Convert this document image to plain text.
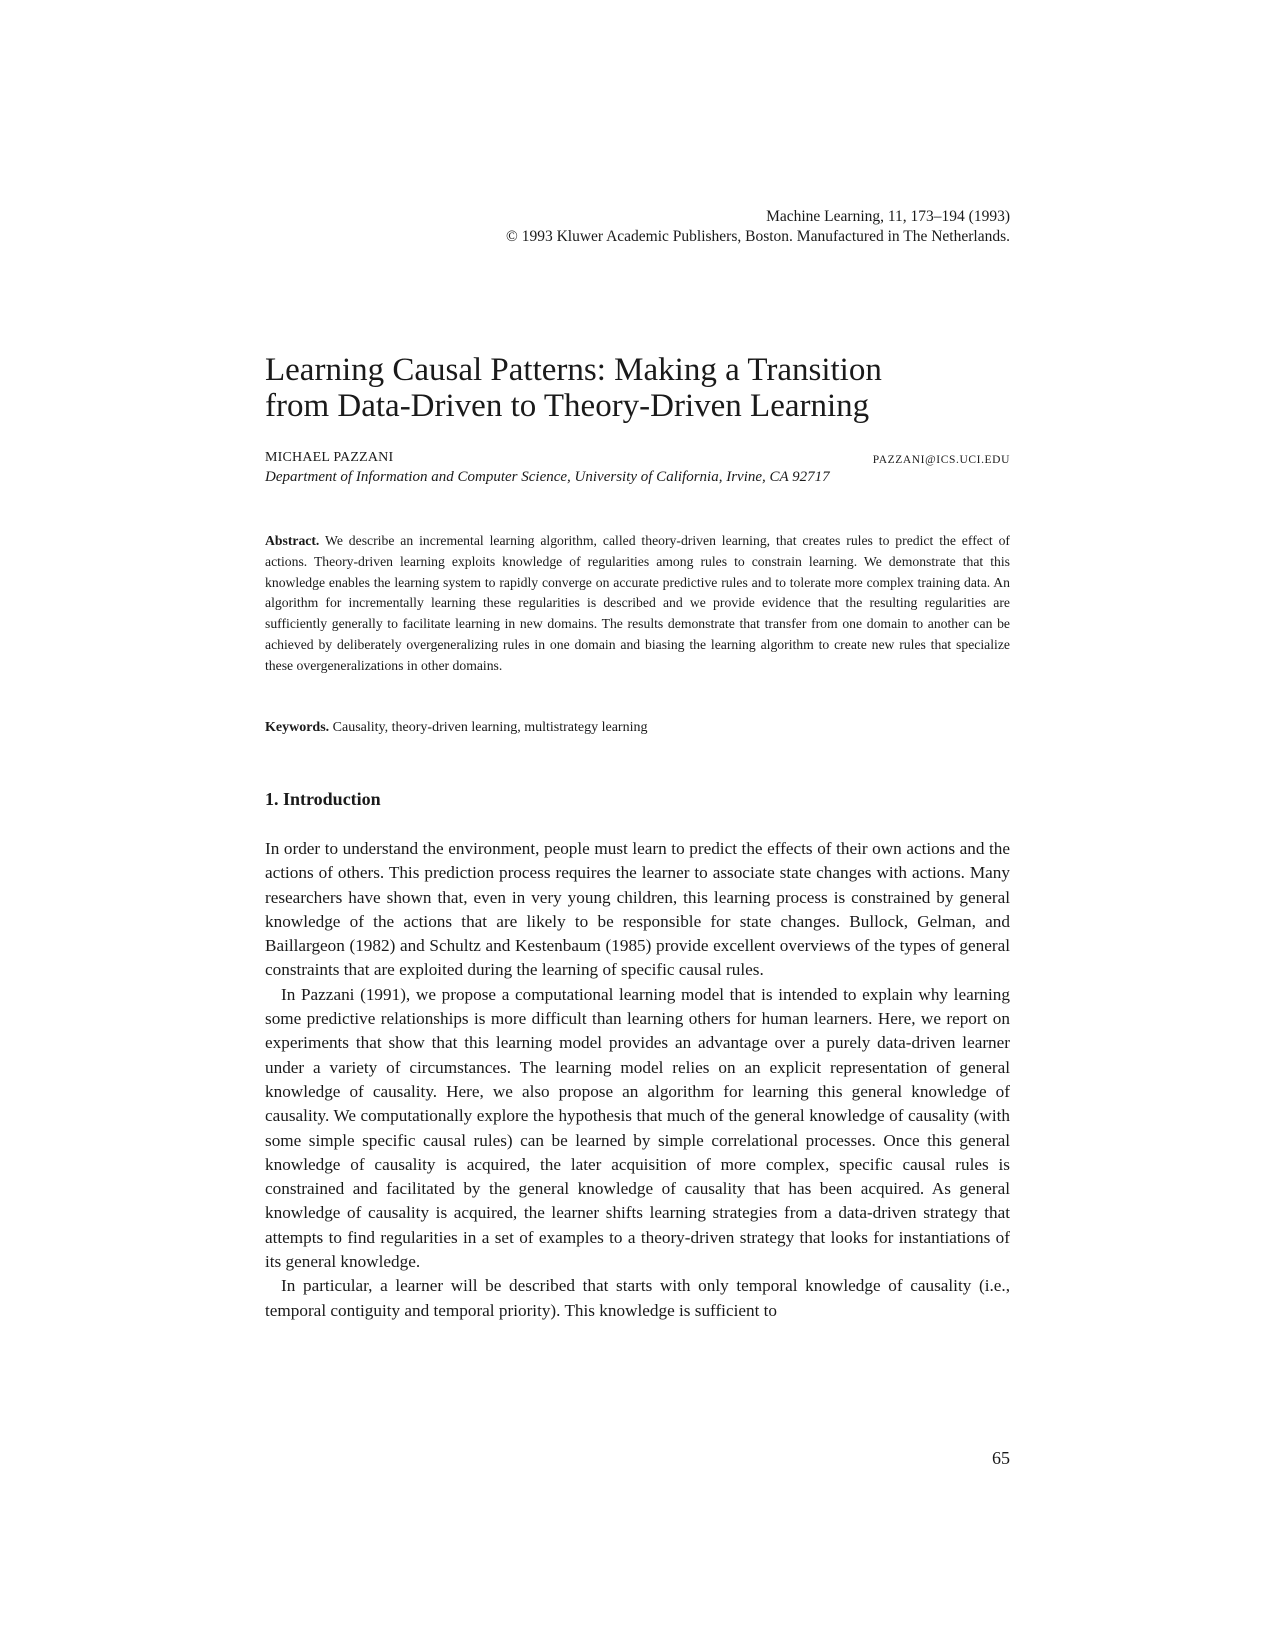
Machine Learning, 11, 173–194 (1993)
© 1993 Kluwer Academic Publishers, Boston. Manufactured in The Netherlands.
Learning Causal Patterns: Making a Transition
from Data-Driven to Theory-Driven Learning
MICHAEL PAZZANI	PAZZANI@ICS.UCI.EDU
Department of Information and Computer Science, University of California, Irvine, CA 92717
Abstract. We describe an incremental learning algorithm, called theory-driven learning, that creates rules to predict the effect of actions. Theory-driven learning exploits knowledge of regularities among rules to constrain learning. We demonstrate that this knowledge enables the learning system to rapidly converge on accurate predictive rules and to tolerate more complex training data. An algorithm for incrementally learning these regularities is described and we provide evidence that the resulting regularities are sufficiently generally to facilitate learning in new domains. The results demonstrate that transfer from one domain to another can be achieved by deliberately overgeneralizing rules in one domain and biasing the learning algorithm to create new rules that specialize these overgeneralizations in other domains.
Keywords. Causality, theory-driven learning, multistrategy learning
1. Introduction

In order to understand the environment, people must learn to predict the effects of their own actions and the actions of others. This prediction process requires the learner to associate state changes with actions. Many researchers have shown that, even in very young children, this learning process is constrained by general knowledge of the actions that are likely to be responsible for state changes. Bullock, Gelman, and Baillargeon (1982) and Schultz and Kestenbaum (1985) provide excellent overviews of the types of general constraints that are exploited during the learning of specific causal rules.

In Pazzani (1991), we propose a computational learning model that is intended to explain why learning some predictive relationships is more difficult than learning others for human learners. Here, we report on experiments that show that this learning model provides an advantage over a purely data-driven learner under a variety of circumstances. The learning model relies on an explicit representation of general knowledge of causality. Here, we also propose an algorithm for learning this general knowledge of causality. We computationally explore the hypothesis that much of the general knowledge of causality (with some simple specific causal rules) can be learned by simple correlational processes. Once this general knowledge of causality is acquired, the later acquisition of more complex, specific causal rules is constrained and facilitated by the general knowledge of causality that has been acquired. As general knowledge of causality is acquired, the learner shifts learning strategies from a data-driven strategy that attempts to find regularities in a set of examples to a theory-driven strategy that looks for instantiations of its general knowledge.

In particular, a learner will be described that starts with only temporal knowledge of causality (i.e., temporal contiguity and temporal priority). This knowledge is sufficient to

65
